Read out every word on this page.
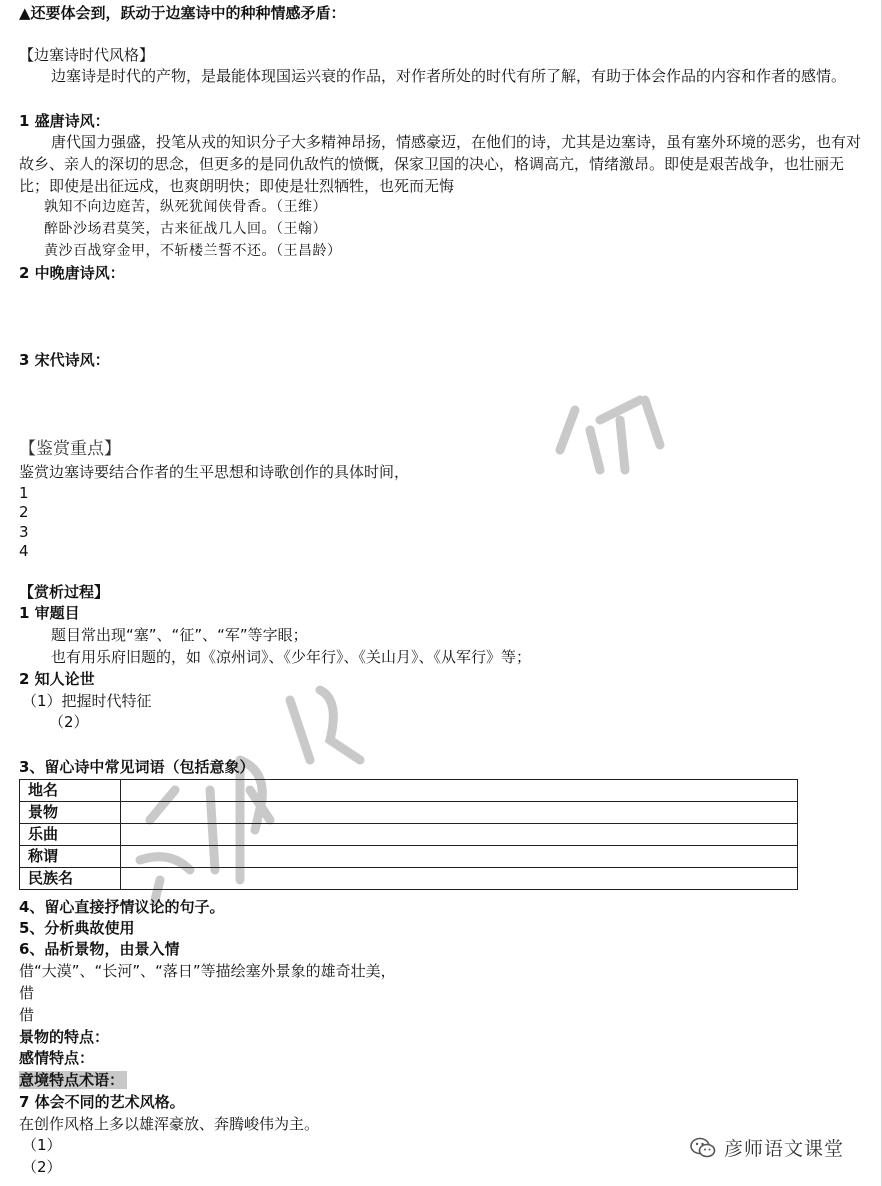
▲还要体会到，跃动于边塞诗中的种种情感矛盾：
【边塞诗时代风格】
边塞诗是时代的产物，是最能体现国运兴衰的作品，对作者所处的时代有所了解，有助于体会作品的内容和作者的感情。
1 盛唐诗风：
唐代国力强盛，投笔从戎的知识分子大多精神昂扬，情感豪迈，在他们的诗，尤其是边塞诗，虽有塞外环境的恶劣，也有对故乡、亲人的深切的思念，但更多的是同仇敌忾的愤慨，保家卫国的决心，格调高亢，情绪激昂。即使是艰苦战争，也壮丽无比；即使是出征远戍，也爽朗明快；即使是壮烈牺牲，也死而无悔
孰知不向边庭苦，纵死犹闻侠骨香。（王维）
醉卧沙场君莫笑，古来征战几人回。（王翰）
黄沙百战穿金甲，不斩楼兰誓不还。（王昌龄）
2 中晚唐诗风：
3 宋代诗风：
【鉴赏重点】
鉴赏边塞诗要结合作者的生平思想和诗歌创作的具体时间，
1
2
3
4
【赏析过程】
1 审题目
题目常出现“塞”、“征”、“军”等字眼；
也有用乐府旧题的，如《凉州词》、《少年行》、《关山月》、《从军行》等；
2 知人论世
（1）把握时代特征
（2）
3、留心诗中常见词语（包括意象）
地名	
景物	
乐曲	
称谓	
民族名	
4、留心直接抒情议论的句子。
5、分析典故使用
6、品析景物，由景入情
借“大漠”、“长河”、“落日”等描绘塞外景象的雄奇壮美，
借
借
景物的特点：
感情特点：
意境特点术语：
7 体会不同的艺术风格。
在创作风格上多以雄浑豪放、奔腾峻伟为主。
（1）
（2）
彦师语文课堂
